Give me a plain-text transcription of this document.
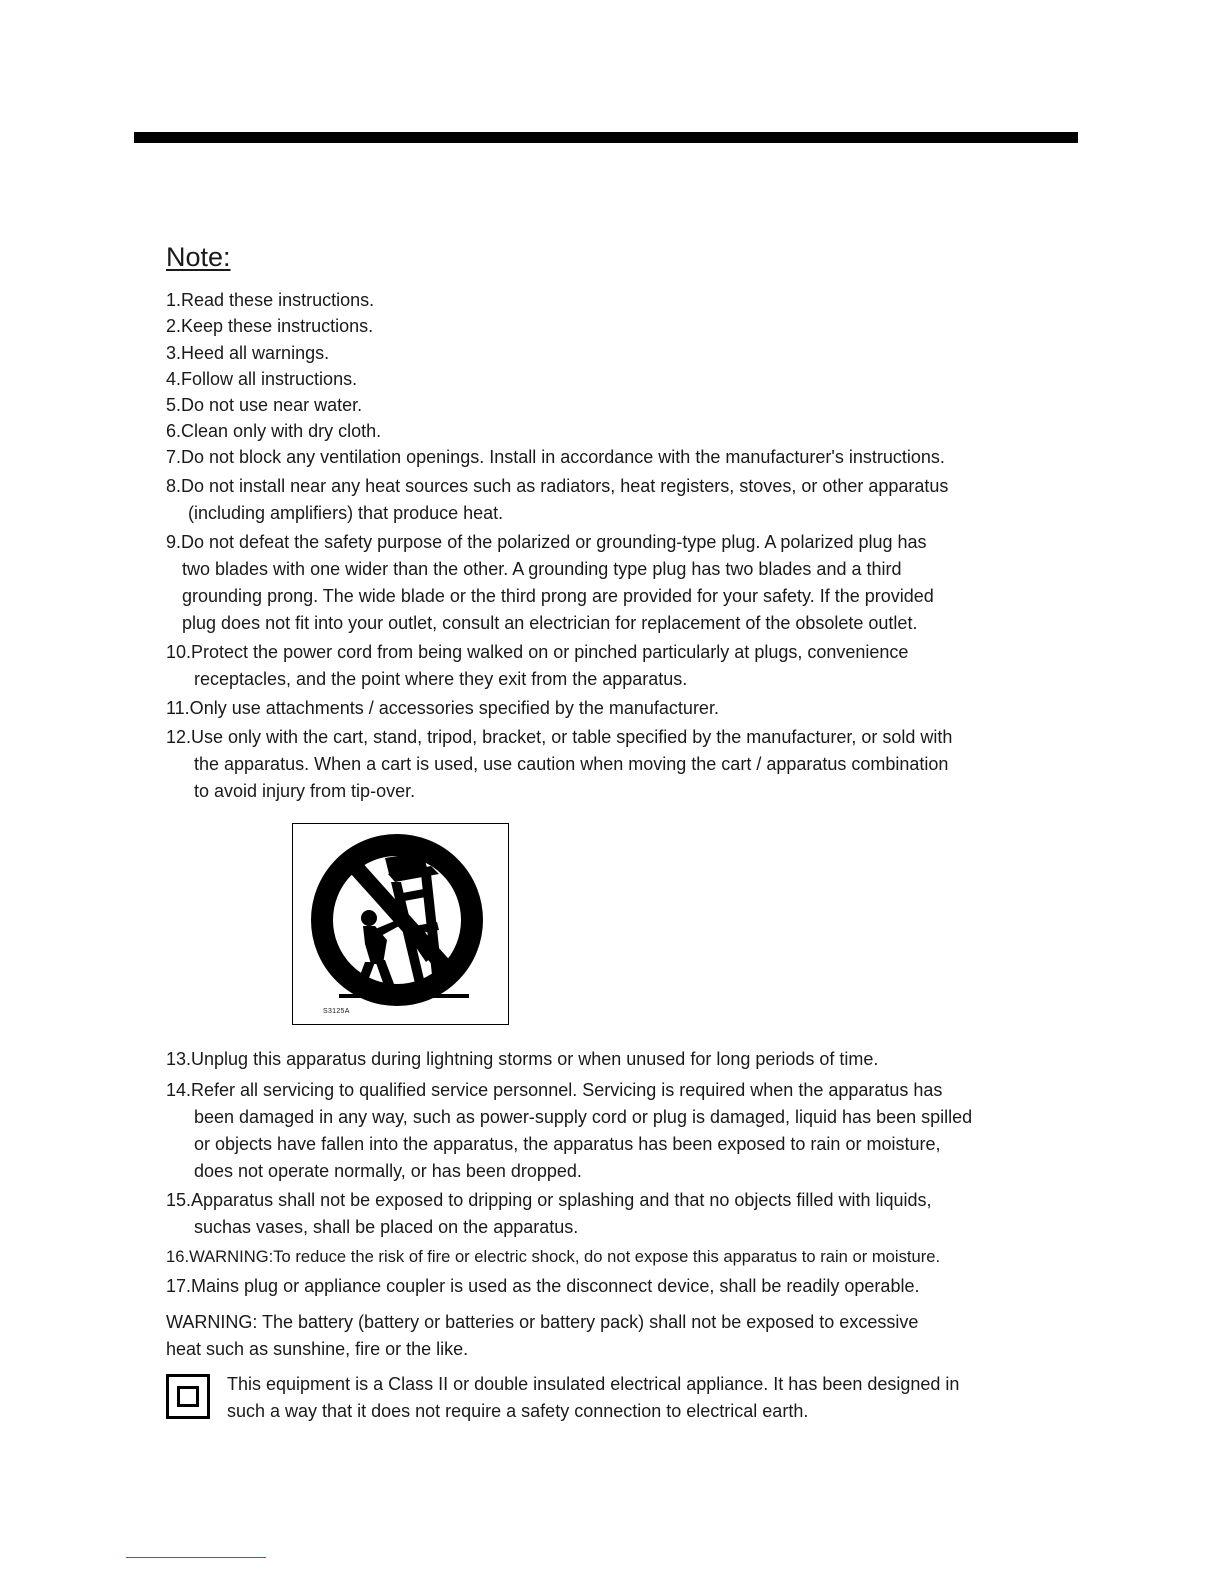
Note:

1.Read these instructions.

2.Keep these instructions.

3.Heed all warnings.

4.Follow all instructions.

5.Do not use near water.

6.Clean only with dry cloth.

7.Do not block any ventilation openings. Install in accordance with the manufacturer's instructions.

8.Do not install near any heat sources such as radiators, heat registers, stoves, or other apparatus

(including amplifiers) that produce heat.

9.Do not defeat the safety purpose of the polarized or grounding-type plug. A polarized plug has

two blades with one wider than the other. A grounding type plug has two blades and a third

grounding prong. The wide blade or the third prong are provided for your safety. If the provided

plug does not fit into your outlet, consult an electrician for replacement of the obsolete outlet.

10.Protect the power cord from being walked on or pinched particularly at plugs, convenience

receptacles, and the point where they exit from the apparatus.

11.Only use attachments / accessories specified by the manufacturer.

12.Use only with the cart, stand, tripod, bracket, or table specified by the manufacturer, or sold with

the apparatus. When a cart is used, use caution when moving the cart / apparatus combination

to avoid injury from tip-over.

S3125A

13.Unplug this apparatus during lightning storms or when unused for long periods of time.

14.Refer all servicing to qualified service personnel. Servicing is required when the apparatus has

been damaged in any way, such as power-supply cord or plug is damaged, liquid has been spilled

or objects have fallen into the apparatus, the apparatus has been exposed to rain or moisture,

does not operate normally, or has been dropped.

15.Apparatus shall not be exposed to dripping or splashing and that no objects filled with liquids,

suchas vases, shall be placed on the apparatus.

16.WARNING:To reduce the risk of fire or electric shock, do not expose this apparatus to rain or moisture.

17.Mains plug or appliance coupler is used as the disconnect device, shall be readily operable.

WARNING: The battery (battery or batteries or battery pack) shall not be exposed to excessive

heat such as sunshine, fire or the like.

This equipment is a Class II or double insulated electrical appliance. It has been designed in

such a way that it does not require a safety connection to electrical earth.
